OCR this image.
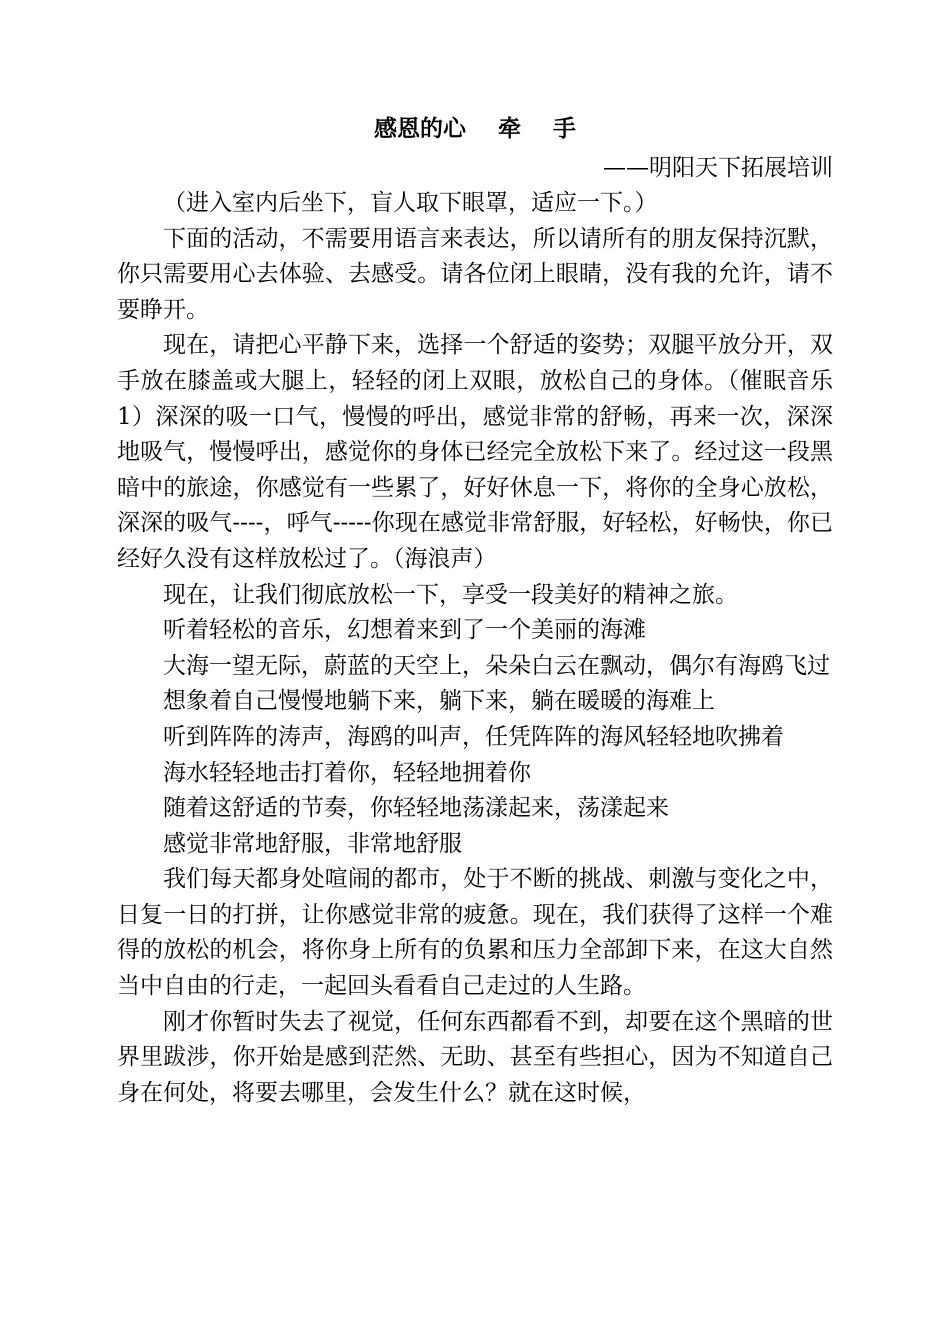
感恩的心    牵    手
——明阳天下拓展培训

（进入室内后坐下，盲人取下眼罩，适应一下。）

下面的活动，不需要用语言来表达，所以请所有的朋友保持沉默，你只需要用心去体验、去感受。请各位闭上眼睛，没有我的允许，请不要睁开。

现在，请把心平静下来，选择一个舒适的姿势；双腿平放分开，双手放在膝盖或大腿上，轻轻的闭上双眼，放松自己的身体。（催眠音乐1）深深的吸一口气，慢慢的呼出，感觉非常的舒畅，再来一次，深深地吸气，慢慢呼出，感觉你的身体已经完全放松下来了。经过这一段黑暗中的旅途，你感觉有一些累了，好好休息一下，将你的全身心放松，深深的吸气----，呼气-----你现在感觉非常舒服，好轻松，好畅快，你已经好久没有这样放松过了。（海浪声）

现在，让我们彻底放松一下，享受一段美好的精神之旅。

听着轻松的音乐，幻想着来到了一个美丽的海滩

大海一望无际，蔚蓝的天空上，朵朵白云在飘动，偶尔有海鸥飞过

想象着自己慢慢地躺下来，躺下来，躺在暖暖的海难上

听到阵阵的涛声，海鸥的叫声，任凭阵阵的海风轻轻地吹拂着

海水轻轻地击打着你，轻轻地拥着你

随着这舒适的节奏，你轻轻地荡漾起来，荡漾起来

感觉非常地舒服，非常地舒服

我们每天都身处喧闹的都市，处于不断的挑战、刺激与变化之中，日复一日的打拼，让你感觉非常的疲惫。现在，我们获得了这样一个难得的放松的机会，将你身上所有的负累和压力全部卸下来，在这大自然当中自由的行走，一起回头看看自己走过的人生路。

刚才你暂时失去了视觉，任何东西都看不到，却要在这个黑暗的世界里跋涉，你开始是感到茫然、无助、甚至有些担心，因为不知道自己身在何处，将要去哪里，会发生什么？就在这时候，
